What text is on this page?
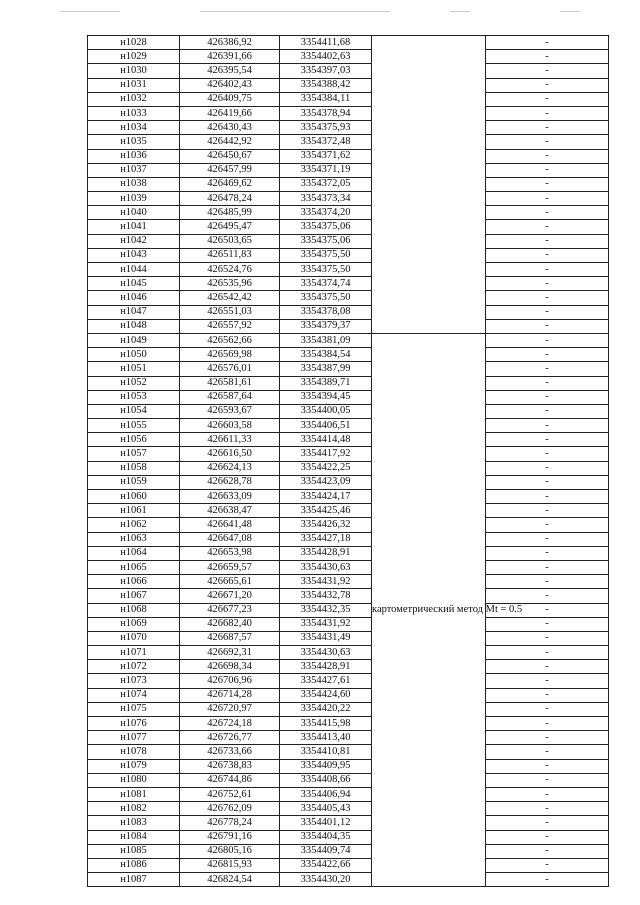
н1028	426386,92	3354411,68		-
н1029	426391,66	3354402,63		-
н1030	426395,54	3354397,03		-
н1031	426402,43	3354388,42		-
н1032	426409,75	3354384,11		-
н1033	426419,66	3354378,94		-
н1034	426430,43	3354375,93		-
н1035	426442,92	3354372,48		-
н1036	426450,67	3354371,62		-
н1037	426457,99	3354371,19		-
н1038	426469,62	3354372,05		-
н1039	426478,24	3354373,34		-
н1040	426485,99	3354374,20		-
н1041	426495,47	3354375,06		-
н1042	426503,65	3354375,06		-
н1043	426511,83	3354375,50		-
н1044	426524,76	3354375,50		-
н1045	426535,96	3354374,74		-
н1046	426542,42	3354375,50		-
н1047	426551,03	3354378,08		-
н1048	426557,92	3354379,37		-
н1049	426562,66	3354381,09	картометрический метод Mt = 0.5	-
н1050	426569,98	3354384,54		-
н1051	426576,01	3354387,99		-
н1052	426581,61	3354389,71		-
н1053	426587,64	3354394,45		-
н1054	426593,67	3354400,05		-
н1055	426603,58	3354406,51		-
н1056	426611,33	3354414,48		-
н1057	426616,50	3354417,92		-
н1058	426624,13	3354422,25		-
н1059	426628,78	3354423,09		-
н1060	426633,09	3354424,17		-
н1061	426638,47	3354425,46		-
н1062	426641,48	3354426,32		-
н1063	426647,08	3354427,18		-
н1064	426653,98	3354428,91		-
н1065	426659,57	3354430,63		-
н1066	426665,61	3354431,92		-
н1067	426671,20	3354432,78		-
н1068	426677,23	3354432,35		-
н1069	426682,40	3354431,92		-
н1070	426687,57	3354431,49		-
н1071	426692,31	3354430,63		-
н1072	426698,34	3354428,91		-
н1073	426706,96	3354427,61		-
н1074	426714,28	3354424,60		-
н1075	426720,97	3354420,22		-
н1076	426724,18	3354415,98		-
н1077	426726,77	3354413,40		-
н1078	426733,66	3354410,81		-
н1079	426738,83	3354409,95		-
н1080	426744,86	3354408,66		-
н1081	426752,61	3354406,94		-
н1082	426762,09	3354405,43		-
н1083	426778,24	3354401,12		-
н1084	426791,16	3354404,35		-
н1085	426805,16	3354409,74		-
н1086	426815,93	3354422,66		-
н1087	426824,54	3354430,20		-
